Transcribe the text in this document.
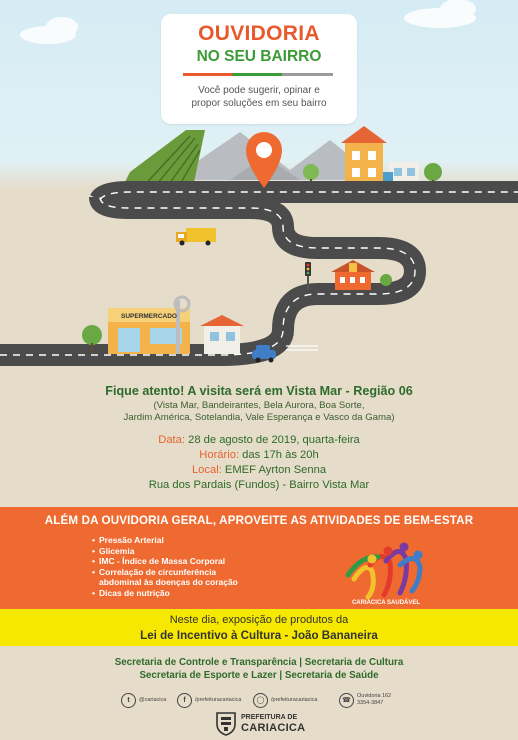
SUPERMERCADO
OUVIDORIA
NO SEU BAIRRO
Você pode sugerir, opinar e
propor soluções em seu bairro
Fique atento! A visita será em Vista Mar - Região 06
(Vista Mar, Bandeirantes, Bela Aurora, Boa Sorte,
Jardim América, Sotelandia, Vale Esperança e Vasco da Gama)
Data: 28 de agosto de 2019, quarta-feira
Horário: das 17h às 20h
Local: EMEF Ayrton Senna
Rua dos Pardais (Fundos) - Bairro Vista Mar
ALÉM DA OUVIDORIA GERAL, APROVEITE AS ATIVIDADES DE BEM-ESTAR
• Pressão Arterial
• Glicemia
• IMC - Índice de Massa Corporal
• Correlação de circunferência
abdominal às doenças do coração
• Dicas de nutrição
CARIACICA SAUDÁVEL
Neste dia, exposição de produtos da
Lei de Incentivo à Cultura - João Bananeira
Secretaria de Controle e Transparência | Secretaria de Cultura
Secretaria de Esporte e Lazer | Secretaria de Saúde
t	@cariacica	f	/prefeituracariacica	◯	/prefeituracariacica	☎
Ouvidoria 162
3354-3847
PREFEITURA DE
CARIACICA
